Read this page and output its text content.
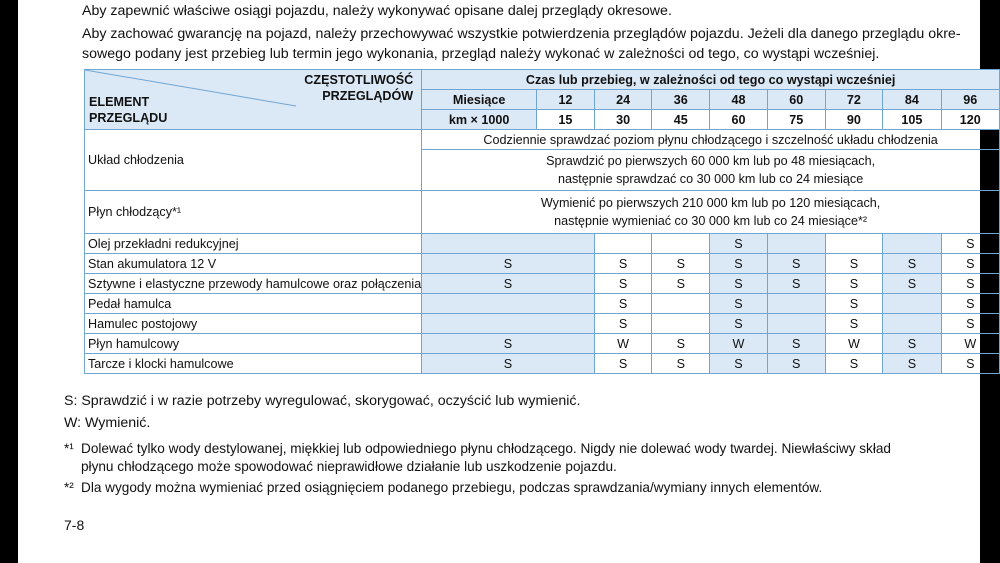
Aby zapewnić właściwe osiągi pojazdu, należy wykonywać opisane dalej przeglądy okresowe.
Aby zachować gwarancję na pojazd, należy przechowywać wszystkie potwierdzenia przeglądów pojazdu. Jeżeli dla danego przeglądu okre-
sowego podany jest przebieg lub termin jego wykonania, przegląd należy wykonać w zależności od tego, co wystąpi wcześniej.
CZĘSTOTLIWOŚĆ
PRZEGLĄDÓW
ELEMENT
PRZEGLĄDU	Czas lub przebieg, w zależności od tego co wystąpi wcześniej								
	Miesiące	12	24	36	48	60	72	84	96
	km × 1000	15	30	45	60	75	90	105	120
Układ chłodzenia	Codziennie sprawdzać poziom płynu chłodzącego i szczelność układu chłodzenia								

	Sprawdzić po pierwszych 60 000 km lub po 48 miesiącach,
następnie sprawdzać co 30 000 km lub co 24 miesiące								

Płyn chłodzący*¹	Wymienić po pierwszych 210 000 km lub po 120 miesiącach,
następnie wymieniać co 30 000 km lub co 24 miesiące*²								

Olej przekładni redukcyjnej					S				S
Stan akumulatora 12 V	S		S	S	S	S	S	S	S
Sztywne i elastyczne przewody hamulcowe oraz połączenia	S		S	S	S	S	S	S	S
Pedał hamulca			S		S		S		S
Hamulec postojowy			S		S		S		S
Płyn hamulcowy	S		W	S	W	S	W	S	W
Tarcze i klocki hamulcowe	S		S	S	S	S	S	S	S
S: Sprawdzić i w razie potrzeby wyregulować, skorygować, oczyścić lub wymienić.
W: Wymienić.
*¹ Dolewać tylko wody destylowanej, miękkiej lub odpowiedniego płynu chłodzącego. Nigdy nie dolewać wody twardej. Niewłaściwy skład
płynu chłodzącego może spowodować nieprawidłowe działanie lub uszkodzenie pojazdu.
*² Dla wygody można wymieniać przed osiągnięciem podanego przebiegu, podczas sprawdzania/wymiany innych elementów.
7-8
